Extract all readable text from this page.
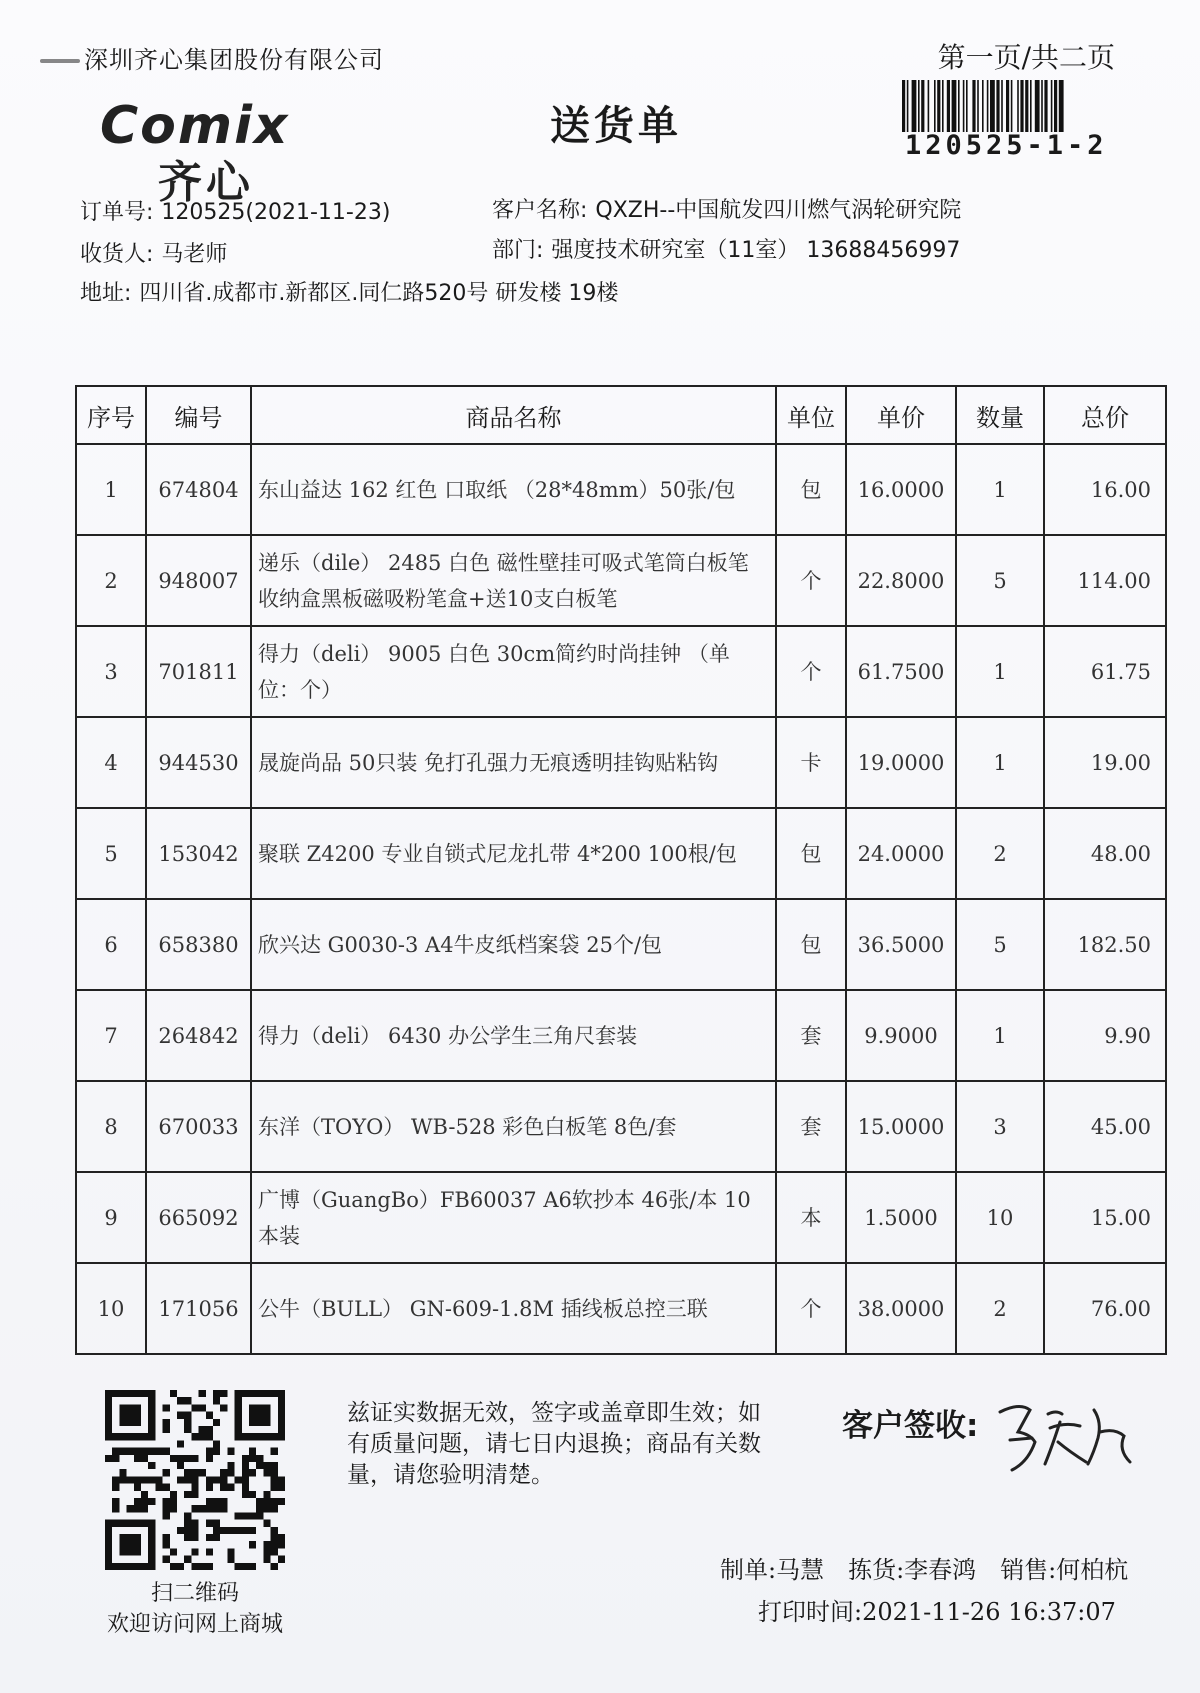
深圳齐心集团股份有限公司	第一页/共二页
Comix
齐心
送货单	120525-1-2
订单号: 120525(2021-11-23)	客户名称: QXZH--中国航发四川燃气涡轮研究院
收货人: 马老师	部门: 强度技术研究室（11室） 13688456997
地址: 四川省.成都市.新都区.同仁路520号 研发楼 19楼
序号	编号	商品名称	单位	单价	数量	总价
1	674804	东山益达 162 红色 口取纸 （28*48mm）50张/包	包	16.0000	1	16.00
2	948007	递乐（dile） 2485 白色 磁性壁挂可吸式笔筒白板笔收纳盒黑板磁吸粉笔盒+送10支白板笔	个	22.8000	5	114.00
3	701811	得力（deli） 9005 白色 30cm简约时尚挂钟 （单位：个）	个	61.7500	1	61.75
4	944530	晟旋尚品 50只装 免打孔强力无痕透明挂钩贴粘钩	卡	19.0000	1	19.00
5	153042	聚联 Z4200 专业自锁式尼龙扎带 4*200 100根/包	包	24.0000	2	48.00
6	658380	欣兴达 G0030-3 A4牛皮纸档案袋 25个/包	包	36.5000	5	182.50
7	264842	得力（deli） 6430 办公学生三角尺套装	套	9.9000	1	9.90
8	670033	东洋（TOYO） WB-528 彩色白板笔 8色/套	套	15.0000	3	45.00
9	665092	广博（GuangBo）FB60037 A6软抄本 46张/本 10本装	本	1.5000	10	15.00
10	171056	公牛（BULL） GN-609-1.8M 插线板总控三联	个	38.0000	2	76.00
扫二维码
欢迎访问网上商城
兹证实数据无效，签字或盖章即生效；如有质量问题，请七日内退换；商品有关数量，请您验明清楚。
客户签收:
制单:马慧 拣货:李春鸿 销售:何柏杭
打印时间:2021-11-26 16:37:07
